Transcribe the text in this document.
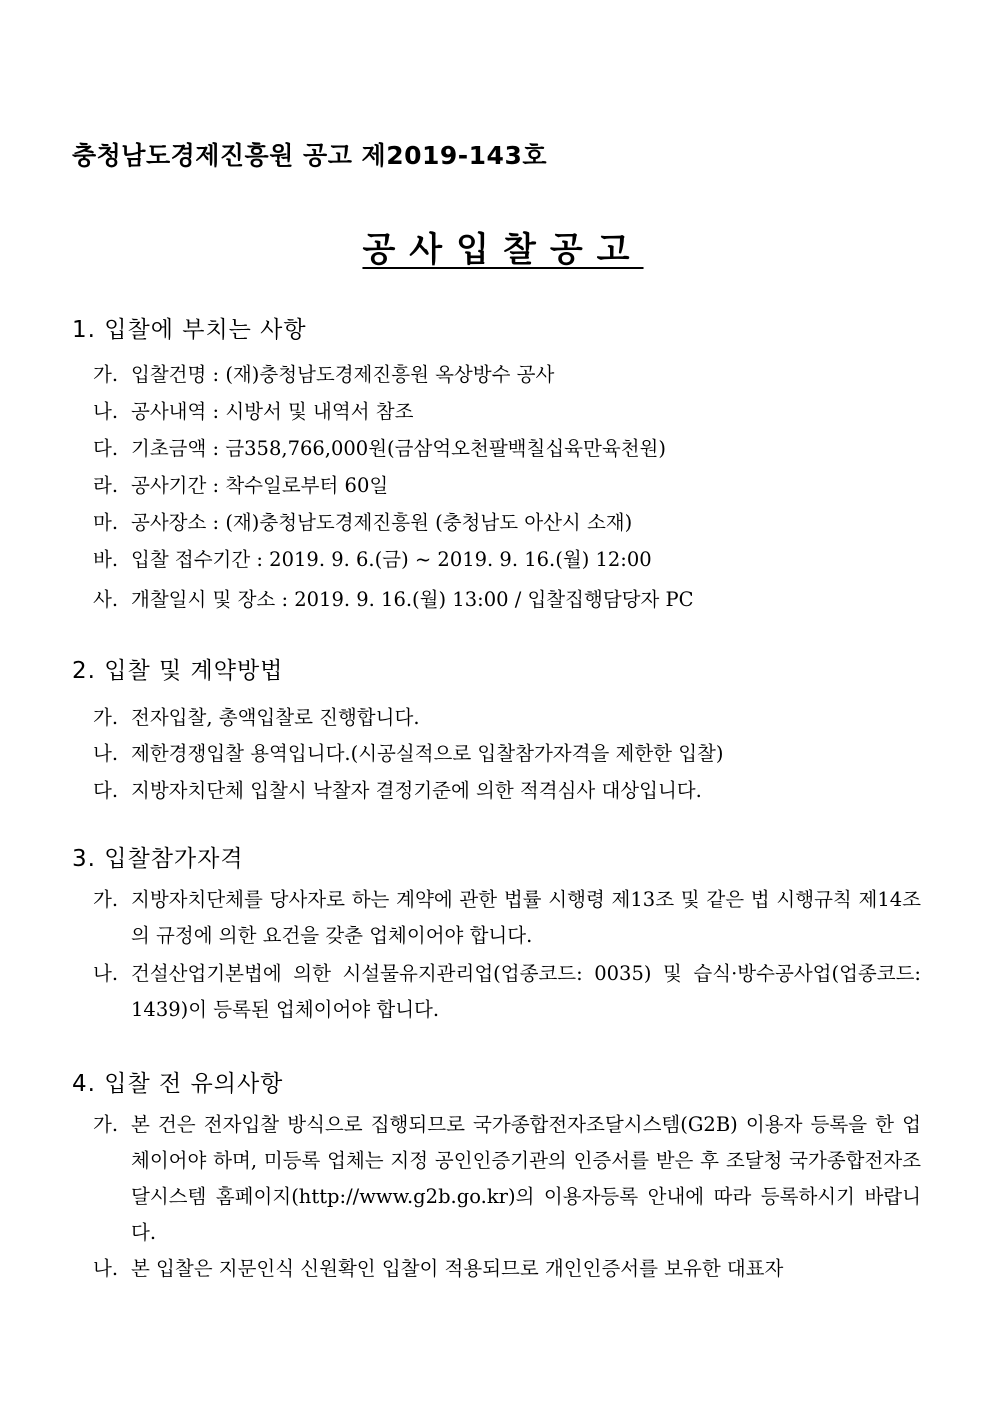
충청남도경제진흥원 공고 제2019-143호
공사입찰공고
1. 입찰에 부치는 사항
가. 입찰건명 : (재)충청남도경제진흥원 옥상방수 공사
나. 공사내역 : 시방서 및 내역서 참조
다. 기초금액 : 금358,766,000원(금삼억오천팔백칠십육만육천원)
라. 공사기간 : 착수일로부터 60일
마. 공사장소 : (재)충청남도경제진흥원 (충청남도 아산시 소재)
바. 입찰 접수기간 : 2019. 9. 6.(금) ~ 2019. 9. 16.(월) 12:00
사. 개찰일시 및 장소 : 2019. 9. 16.(월) 13:00 / 입찰집행담당자 PC
2. 입찰 및 계약방법
가. 전자입찰, 총액입찰로 진행합니다.
나. 제한경쟁입찰 용역입니다.(시공실적으로 입찰참가자격을 제한한 입찰)
다. 지방자치단체 입찰시 낙찰자 결정기준에 의한 적격심사 대상입니다.
3. 입찰참가자격
가. 지방자치단체를 당사자로 하는 계약에 관한 법률 시행령 제13조 및 같은 법 시행규칙 제14조의 규정에 의한 요건을 갖춘 업체이어야 합니다.
나. 건설산업기본법에 의한 시설물유지관리업(업종코드: 0035) 및 습식·방수공사업(업종코드: 1439)이 등록된 업체이어야 합니다.
4. 입찰 전 유의사항
가. 본 건은 전자입찰 방식으로 집행되므로 국가종합전자조달시스템(G2B) 이용자 등록을 한 업체이어야 하며, 미등록 업체는 지정 공인인증기관의 인증서를 받은 후 조달청 국가종합전자조달시스템 홈페이지(http://www.g2b.go.kr)의 이용자등록 안내에 따라 등록하시기 바랍니다.
나. 본 입찰은 지문인식 신원확인 입찰이 적용되므로 개인인증서를 보유한 대표자
